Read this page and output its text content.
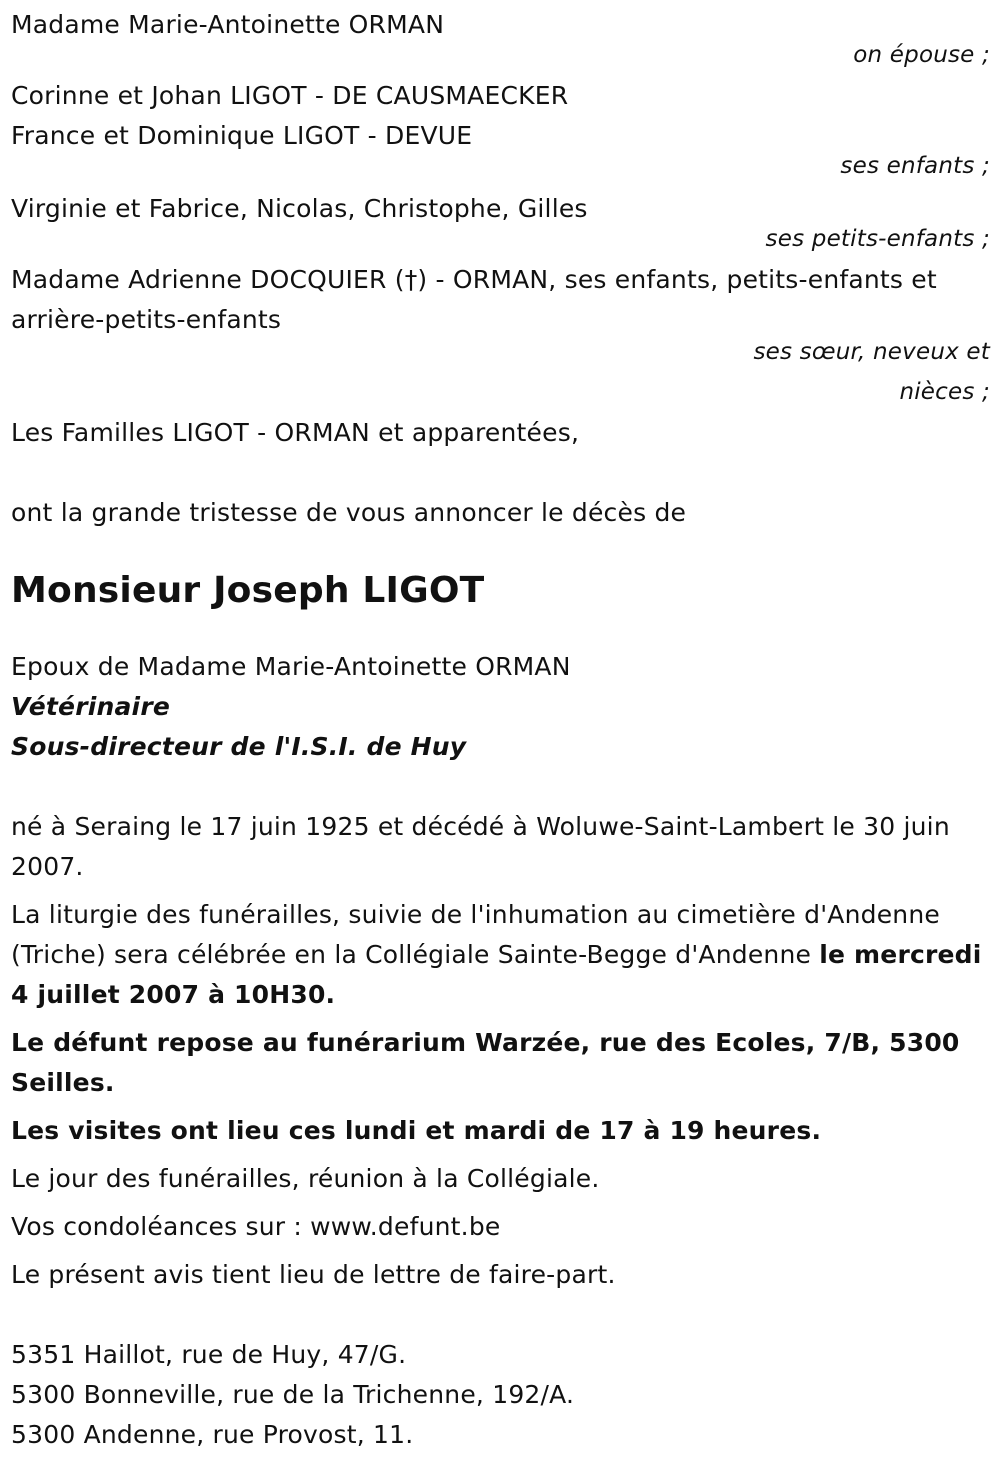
Madame Marie-Antoinette ORMAN
on épouse ;
Corinne et Johan LIGOT - DE CAUSMAECKER
France et Dominique LIGOT - DEVUE
ses enfants ;
Virginie et Fabrice, Nicolas, Christophe, Gilles
ses petits-enfants ;
Madame Adrienne DOCQUIER (†) - ORMAN, ses enfants, petits-enfants et arrière-petits-enfants
ses sœur, neveux et
nièces ;
Les Familles LIGOT - ORMAN et apparentées,
ont la grande tristesse de vous annoncer le décès de
Monsieur Joseph LIGOT
Epoux de Madame Marie-Antoinette ORMAN
Vétérinaire
Sous-directeur de l'I.S.I. de Huy
né à Seraing le 17 juin 1925 et décédé à Woluwe-Saint-Lambert le 30 juin 2007.
La liturgie des funérailles, suivie de l'inhumation au cimetière d'Andenne (Triche) sera célébrée en la Collégiale Sainte-Begge d'Andenne le mercredi 4 juillet 2007 à 10H30.
Le défunt repose au funérarium Warzée, rue des Ecoles, 7/B, 5300 Seilles.
Les visites ont lieu ces lundi et mardi de 17 à 19 heures.
Le jour des funérailles, réunion à la Collégiale.
Vos condoléances sur : www.defunt.be
Le présent avis tient lieu de lettre de faire-part.
5351 Haillot, rue de Huy, 47/G.
5300 Bonneville, rue de la Trichenne, 192/A.
5300 Andenne, rue Provost, 11.
